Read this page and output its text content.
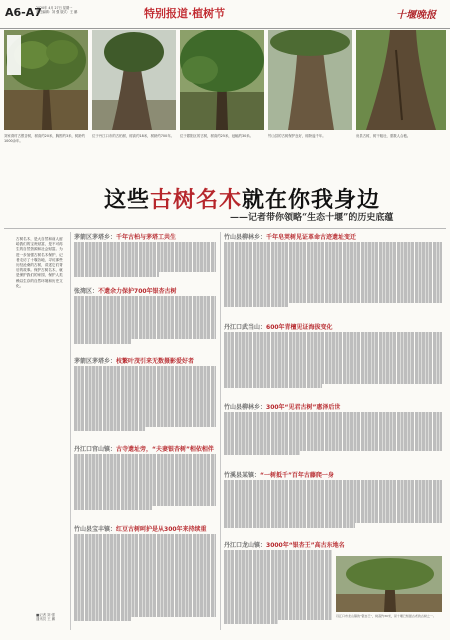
A6-A7
2020年 4月 27日 星期一
责任编辑：刘 强 版式：王 鹏	特别报道·植树节	十堰晚报
刘家湾村古银杏树，树高约20米，胸围约3米，树龄约1000余年。
位于丹江口市的古柏树，树高约18米，树龄约700年。	位于郧阳区的古树，树高约25米，冠幅约30米。	竹山县的古树保护良好，树龄逾千年。	房县古树，树干粗壮，需数人合抱。
这些古树名木就在你我身边
——记者带你领略“生态十堰”的历史底蕴
古树名木，是大自然和前人留给我们的宝贵财富，是不可再生的自然资源和社会财富。为进一步加强古树名木保护，记者走访了十堰各地，寻访那些历经沧桑的古树，讲述它们背后的故事。保护古树名木，就是保护我们的家园，保护人类赖以生存的自然环境和历史文化。
■记者 刘 强
通讯员 王 鹏
茅箭区茅塔乡：千年古柏与茅塔工共生
张湾区：不遗余力保护700年银杏古树
茅箭区茅塔乡：枝繁叶茂引来无数摄影爱好者
丹江口官山镇：古寺遗址旁，“夫妻银杏树”相依相伴
竹山县宝丰镇：红豆古树呵护是从300年来持续重
竹山县柳林乡：千年皂荚树见证革命古迹遗址变迁
丹江口武当山：600年青檀见证海拔变化
竹山县柳林乡：300年“见君古树”惠泽后世
竹溪县某镇：“一树抵千”百年古藤爬一身
丹江口龙山镇：3000年“银杏王”高古东地名
丹江口市龙山镇的“银杏王”，树高约30米，是十堰已知最古老的古树之一。
